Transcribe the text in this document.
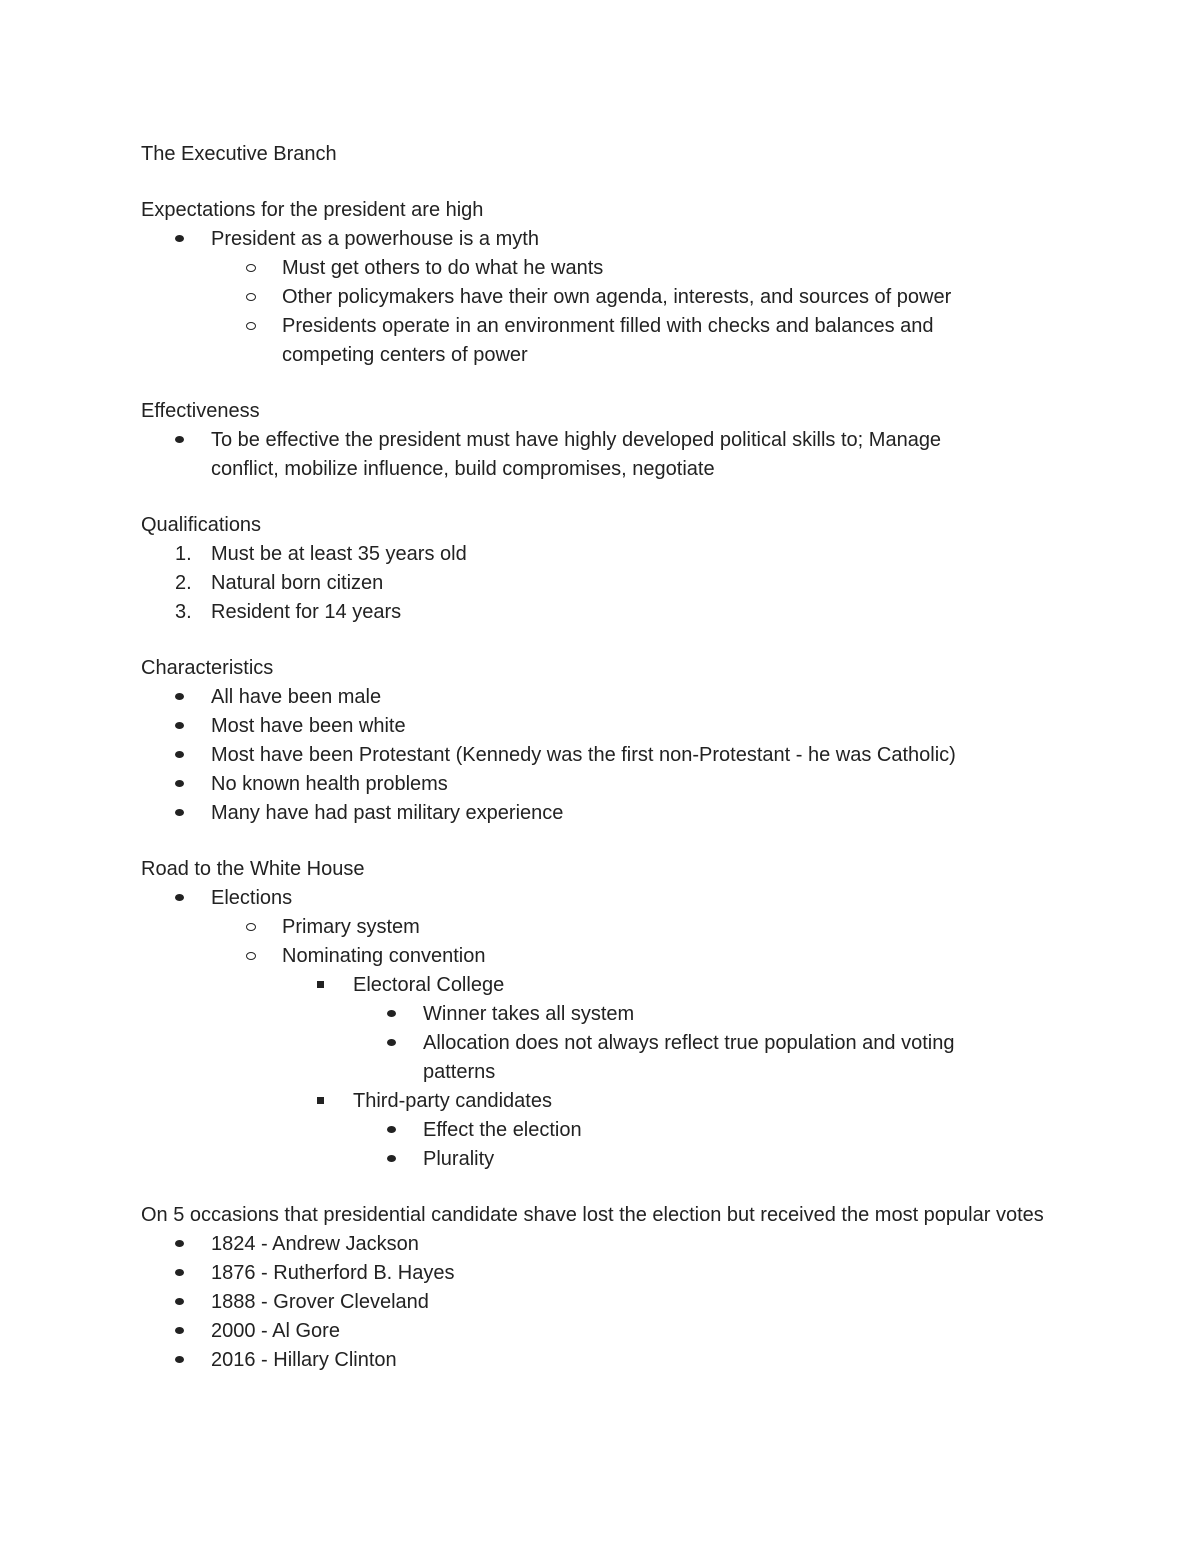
The Executive Branch

Expectations for the president are high

President as a powerhouse is a myth
Must get others to do what he wants
Other policymakers have their own agenda, interests, and sources of power
Presidents operate in an environment filled with checks and balances and competing centers of power

Effectiveness

To be effective the president must have highly developed political skills to; Manage conflict, mobilize influence, build compromises, negotiate

Qualifications

1. Must be at least 35 years old
2. Natural born citizen
3. Resident for 14 years

Characteristics

All have been male
Most have been white
Most have been Protestant (Kennedy was the first non-Protestant - he was Catholic)
No known health problems
Many have had past military experience

Road to the White House

Elections
Primary system
Nominating convention
Electoral College
Winner takes all system
Allocation does not always reflect true population and voting patterns
Third-party candidates
Effect the election
Plurality

On 5 occasions that presidential candidate shave lost the election but received the most popular votes

1824 - Andrew Jackson
1876 - Rutherford B. Hayes
1888 - Grover Cleveland
2000 - Al Gore
2016 - Hillary Clinton
